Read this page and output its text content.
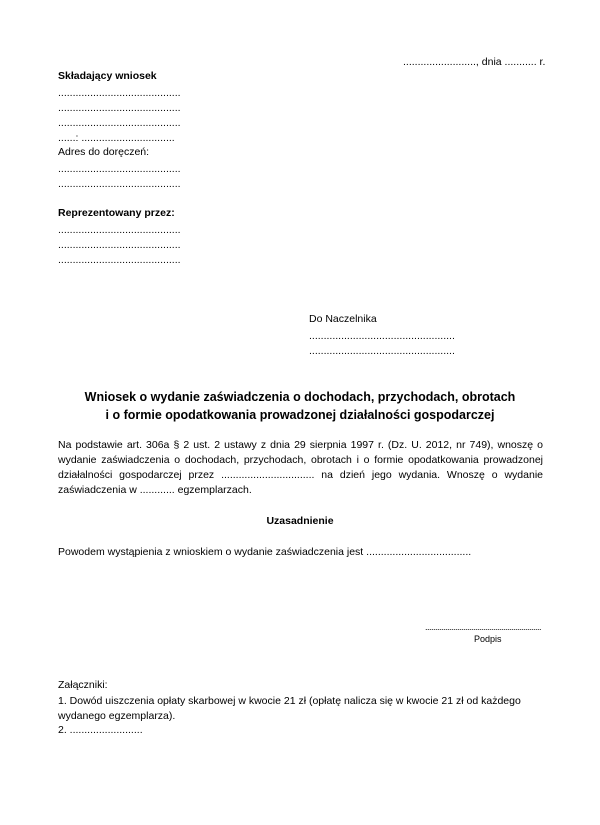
........................., dnia ........... r.
Składający wniosek
..........................................
..........................................
..........................................
......: ................................
Adres do doręczeń:
..........................................
..........................................
Reprezentowany przez:
..........................................
..........................................
..........................................
Do Naczelnika
..................................................
..................................................
Wniosek o wydanie zaświadczenia o dochodach, przychodach, obrotach
i o formie opodatkowania prowadzonej działalności gospodarczej
Na podstawie art. 306a § 2 ust. 2 ustawy z dnia 29 sierpnia 1997 r. (Dz. U. 2012, nr 749), wnoszę o wydanie zaświadczenia o dochodach, przychodach, obrotach i o formie opodatkowania prowadzonej działalności gospodarczej przez ................................ na dzień jego wydania. Wnoszę o wydanie zaświadczenia w ............ egzemplarzach.
Uzasadnienie
Powodem wystąpienia z wnioskiem o wydanie zaświadczenia jest ....................................
..........................................................
Podpis
Załączniki:
1. Dowód uiszczenia opłaty skarbowej w kwocie 21 zł (opłatę nalicza się w kwocie 21 zł od każdego wydanego egzemplarza).
2. .........................
